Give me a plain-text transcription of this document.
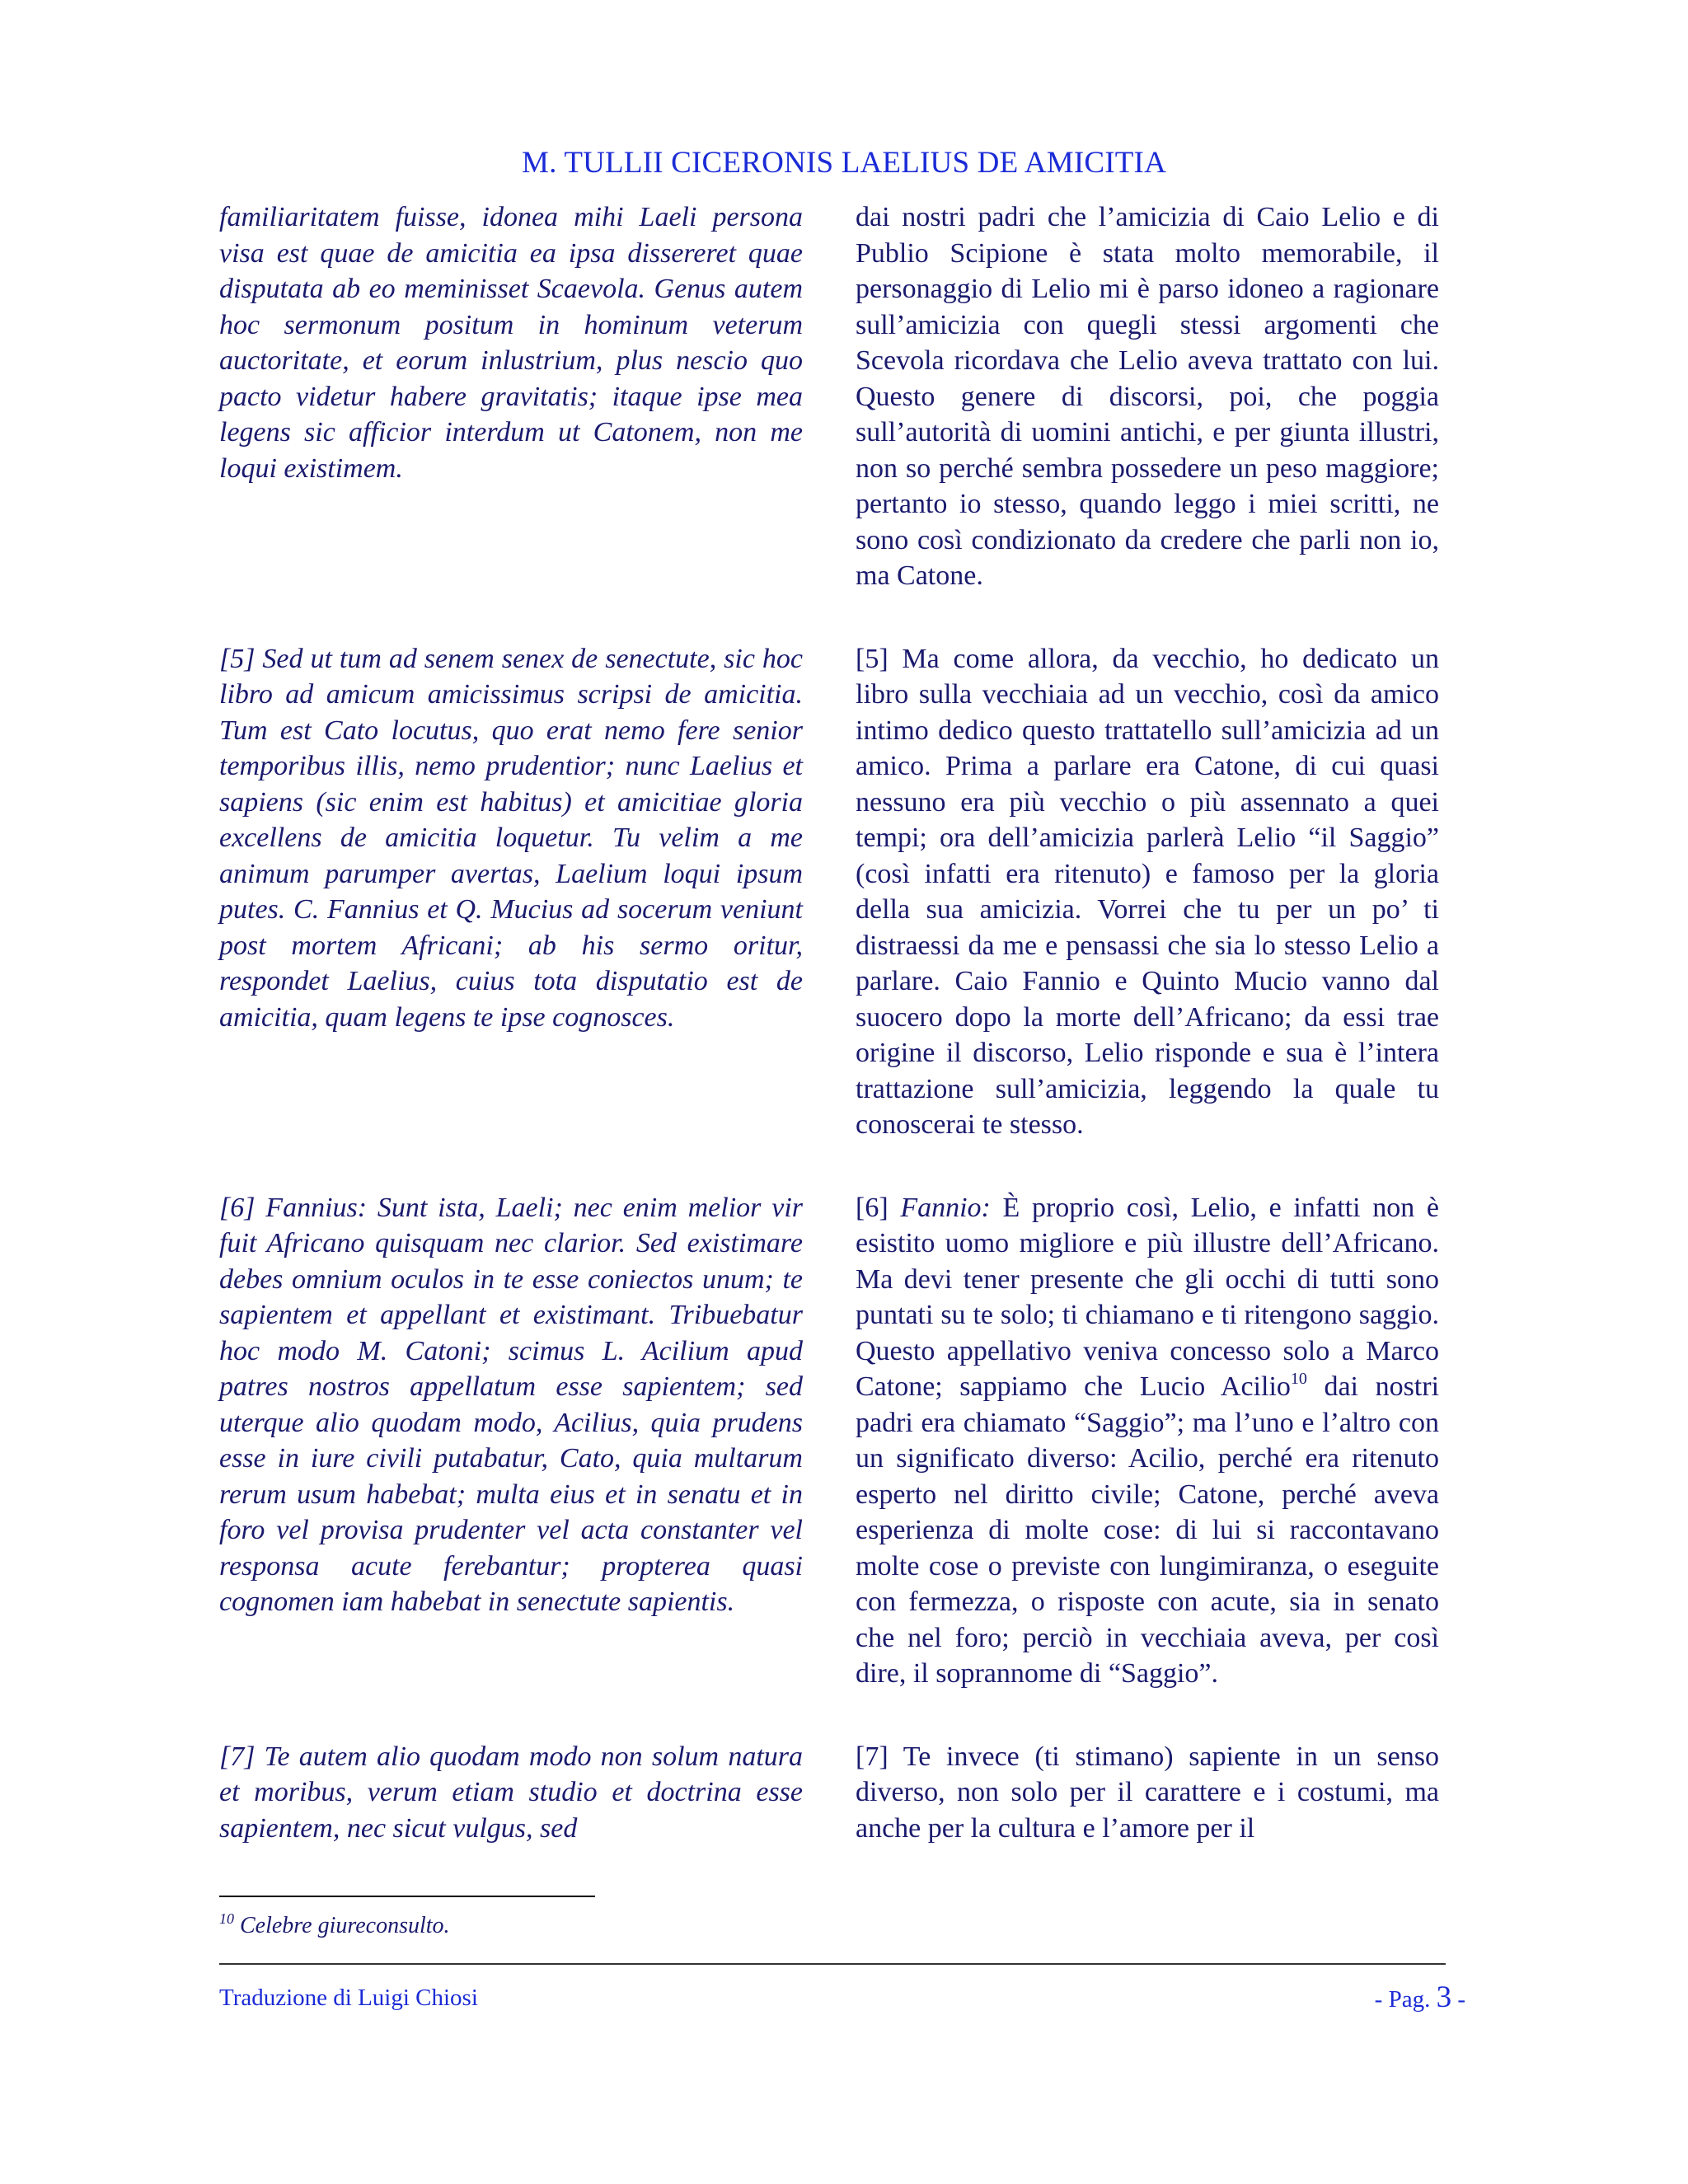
M. TULLII CICERONIS LAELIUS DE AMICITIA
familiaritatem fuisse, idonea mihi Laeli persona visa est quae de amicitia ea ipsa dissereret quae disputata ab eo meminisset Scaevola. Genus autem hoc sermonum positum in hominum veterum auctoritate, et eorum inlustrium, plus nescio quo pacto videtur habere gravitatis; itaque ipse mea legens sic afficior interdum ut Catonem, non me loqui existimem.
dai nostri padri che l’amicizia di Caio Lelio e di Publio Scipione è stata molto memorabile, il personaggio di Lelio mi è parso idoneo a ragionare sull’amicizia con quegli stessi argomenti che Scevola ricordava che Lelio aveva trattato con lui. Questo genere di discorsi, poi, che poggia sull’autorità di uomini antichi, e per giunta illustri, non so perché sembra possedere un peso maggiore; pertanto io stesso, quando leggo i miei scritti, ne sono così condizionato da credere che parli non io, ma Catone.
[5] Sed ut tum ad senem senex de senectute, sic hoc libro ad amicum amicissimus scripsi de amicitia. Tum est Cato locutus, quo erat nemo fere senior temporibus illis, nemo prudentior; nunc Laelius et sapiens (sic enim est habitus) et amicitiae gloria excellens de amicitia loquetur. Tu velim a me animum parumper avertas, Laelium loqui ipsum putes. C. Fannius et Q. Mucius ad socerum veniunt post mortem Africani; ab his sermo oritur, respondet Laelius, cuius tota disputatio est de amicitia, quam legens te ipse cognosces.
[5] Ma come allora, da vecchio, ho dedicato un libro sulla vecchiaia ad un vecchio, così da amico intimo dedico questo trattatello sull’amicizia ad un amico. Prima a parlare era Catone, di cui quasi nessuno era più vecchio o più assennato a quei tempi; ora dell’amicizia parlerà Lelio “il Saggio” (così infatti era ritenuto) e famoso per la gloria della sua amicizia. Vorrei che tu per un po’ ti distraessi da me e pensassi che sia lo stesso Lelio a parlare. Caio Fannio e Quinto Mucio vanno dal suocero dopo la morte dell’Africano; da essi trae origine il discorso, Lelio risponde e sua è l’intera trattazione sull’amicizia, leggendo la quale tu conoscerai te stesso.
[6] Fannius: Sunt ista, Laeli; nec enim melior vir fuit Africano quisquam nec clarior. Sed existimare debes omnium oculos in te esse coniectos unum; te sapientem et appellant et existimant. Tribuebatur hoc modo M. Catoni; scimus L. Acilium apud patres nostros appellatum esse sapientem; sed uterque alio quodam modo, Acilius, quia prudens esse in iure civili putabatur, Cato, quia multarum rerum usum habebat; multa eius et in senatu et in foro vel provisa prudenter vel acta constanter vel responsa acute ferebantur; propterea quasi cognomen iam habebat in senectute sapientis.
[6] Fannio: È proprio così, Lelio, e infatti non è esistito uomo migliore e più illustre dell’Africano. Ma devi tener presente che gli occhi di tutti sono puntati su te solo; ti chiamano e ti ritengono saggio. Questo appellativo veniva concesso solo a Marco Catone; sappiamo che Lucio Acilio$^{10}$ dai nostri padri era chiamato “Saggio”; ma l’uno e l’altro con un significato diverso: Acilio, perché era ritenuto esperto nel diritto civile; Catone, perché aveva esperienza di molte cose: di lui si raccontavano molte cose o previste con lungimiranza, o eseguite con fermezza, o risposte con acute, sia in senato che nel foro; perciò in vecchiaia aveva, per così dire, il soprannome di “Saggio”.
[7] Te autem alio quodam modo non solum natura et moribus, verum etiam studio et doctrina esse sapientem, nec sicut vulgus, sed
[7] Te invece (ti stimano) sapiente in un senso diverso, non solo per il carattere e i costumi, ma anche per la cultura e l’amore per il
$^{10}$ Celebre giureconsulto.
Traduzione di Luigi Chiosi	- Pag. 3 -
